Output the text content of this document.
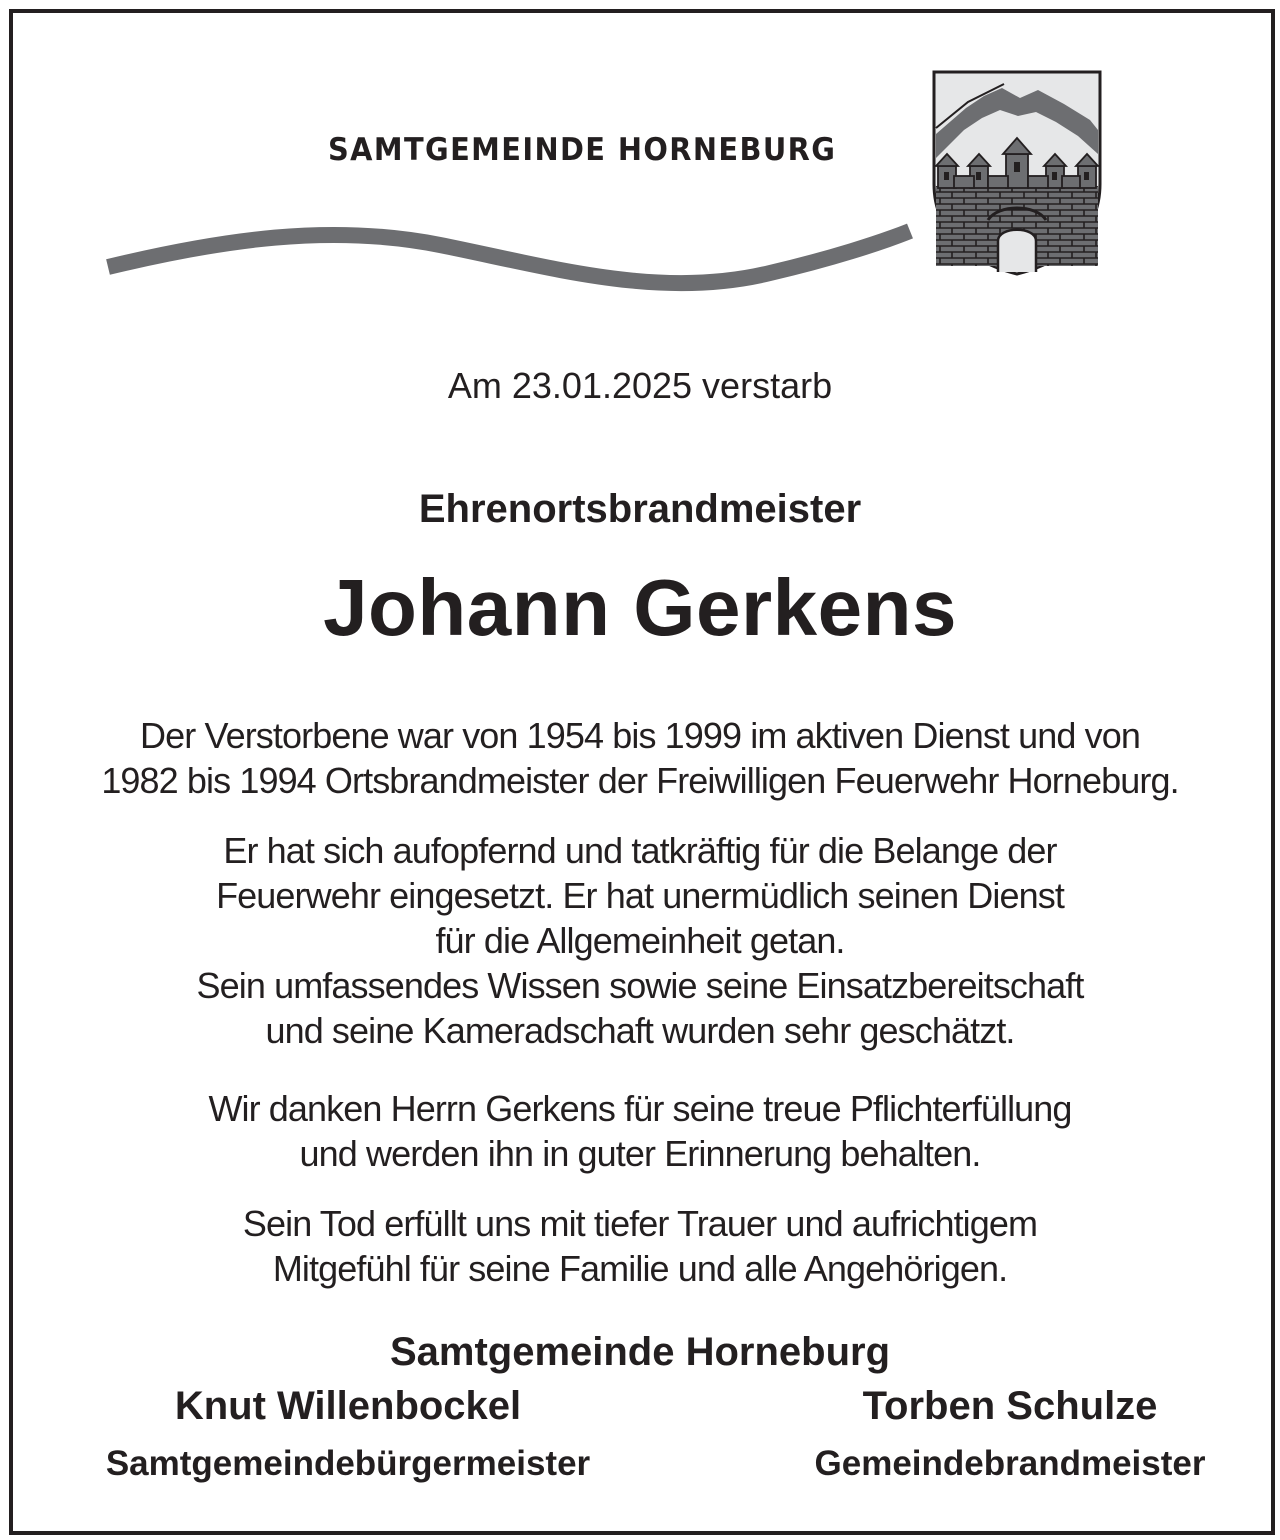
SAMTGEMEINDE HORNEBURG
Am 23.01.2025 verstarb
Ehrenortsbrandmeister
Johann Gerkens
Der Verstorbene war von 1954 bis 1999 im aktiven Dienst und von
1982 bis 1994 Ortsbrandmeister der Freiwilligen Feuerwehr Horneburg.
Er hat sich aufopfernd und tatkräftig für die Belange der
Feuerwehr eingesetzt. Er hat unermüdlich seinen Dienst
für die Allgemeinheit getan.
Sein umfassendes Wissen sowie seine Einsatzbereitschaft
und seine Kameradschaft wurden sehr geschätzt.
Wir danken Herrn Gerkens für seine treue Pflichterfüllung
und werden ihn in guter Erinnerung behalten.
Sein Tod erfüllt uns mit tiefer Trauer und aufrichtigem
Mitgefühl für seine Familie und alle Angehörigen.
Samtgemeinde Horneburg
Knut Willenbockel	Torben Schulze
Samtgemeindebürgermeister	Gemeindebrandmeister
